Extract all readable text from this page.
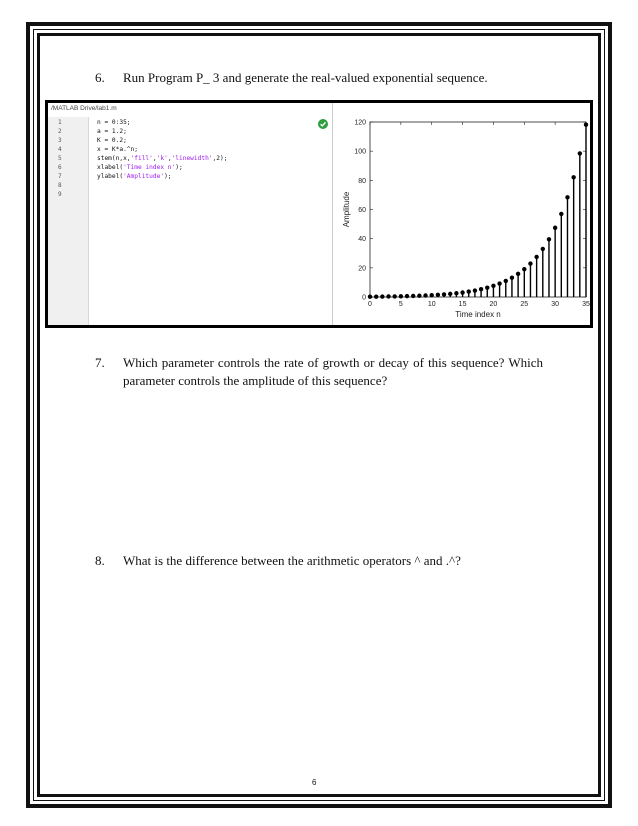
6. Run Program P_ 3 and generate the real-valued exponential sequence.
/MATLAB Drive/lab1.m
1
2
3
4
5
6
7
8
9
n = 0:35;
a = 1.2;
K = 0.2;
x = K*a.^n;
stem(n,x,'fill','k','linewidth',2);
xlabel('Time index n');
ylabel('Amplitude');
0	5	10	15	20	25	30	35
0
20
40
60
80
100
120
Time index n
Amplitude
7. Which parameter controls the rate of growth or decay of this sequence? Which parameter controls the amplitude of this sequence?
8. What is the difference between the arithmetic operators ^ and .^?
6
